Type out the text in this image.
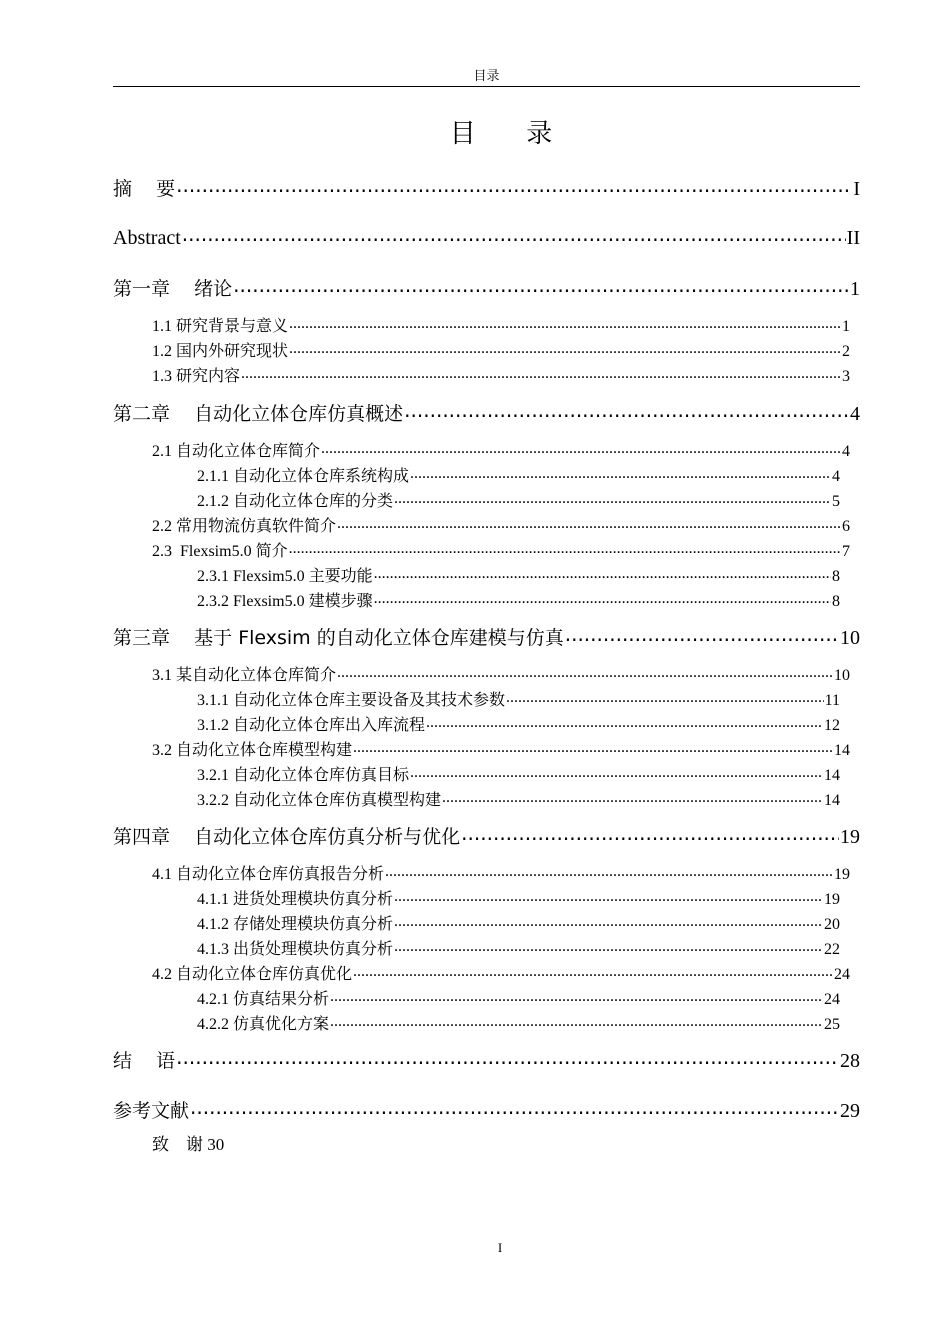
目录
目 录
摘    要 .....	I
Abstract .....	II
第一章    绪论 .....	1
1.1 研究背景与意义 .....	1
1.2 国内外研究现状 .....	2
1.3 研究内容 .....	3
第二章    自动化立体仓库仿真概述 .....	4
2.1 自动化立体仓库简介 .....	4
2.1.1 自动化立体仓库系统构成 .....	4
2.1.2 自动化立体仓库的分类 .....	5
2.2 常用物流仿真软件简介 .....	6
2.3  Flexsim5.0 简介 .....	7
2.3.1 Flexsim5.0 主要功能 .....	8
2.3.2 Flexsim5.0 建模步骤 .....	8
第三章    基于 Flexsim 的自动化立体仓库建模与仿真 .....	10
3.1 某自动化立体仓库简介 .....	10
3.1.1 自动化立体仓库主要设备及其技术参数 .....	11
3.1.2 自动化立体仓库出入库流程 .....	12
3.2 自动化立体仓库模型构建 .....	14
3.2.1 自动化立体仓库仿真目标 .....	14
3.2.2 自动化立体仓库仿真模型构建 .....	14
第四章    自动化立体仓库仿真分析与优化 .....	19
4.1 自动化立体仓库仿真报告分析 .....	19
4.1.1 进货处理模块仿真分析 .....	19
4.1.2 存储处理模块仿真分析 .....	20
4.1.3 出货处理模块仿真分析 .....	22
4.2 自动化立体仓库仿真优化 .....	24
4.2.1 仿真结果分析 .....	24
4.2.2 仿真优化方案 .....	25
结    语 .....	28
参考文献 .....	29
致    谢 30
I
